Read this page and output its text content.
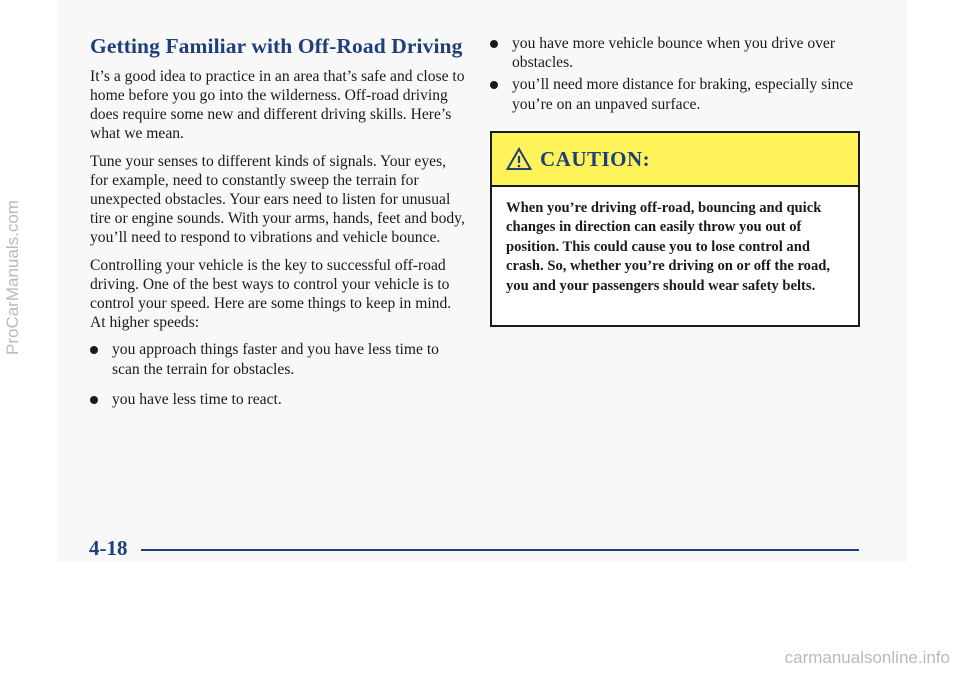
Getting Familiar with Off-Road Driving

It’s a good idea to practice in an area that’s safe and close to home before you go into the wilderness. Off-road driving does require some new and different driving skills. Here’s what we mean.

Tune your senses to different kinds of signals. Your eyes, for example, need to constantly sweep the terrain for unexpected obstacles. Your ears need to listen for unusual tire or engine sounds. With your arms, hands, feet and body, you’ll need to respond to vibrations and vehicle bounce.

Controlling your vehicle is the key to successful off-road driving. One of the best ways to control your vehicle is to control your speed. Here are some things to keep in mind. At higher speeds:

you approach things faster and you have less time to scan the terrain for obstacles.
you have less time to react.
you have more vehicle bounce when you drive over obstacles.
you’ll need more distance for braking, especially since you’re on an unpaved surface.
CAUTION:
When you’re driving off-road, bouncing and quick changes in direction can easily throw you out of position. This could cause you to lose control and crash. So, whether you’re driving on or off the road, you and your passengers should wear safety belts.
4-18
ProCarManuals.com
carmanualsonline.info
